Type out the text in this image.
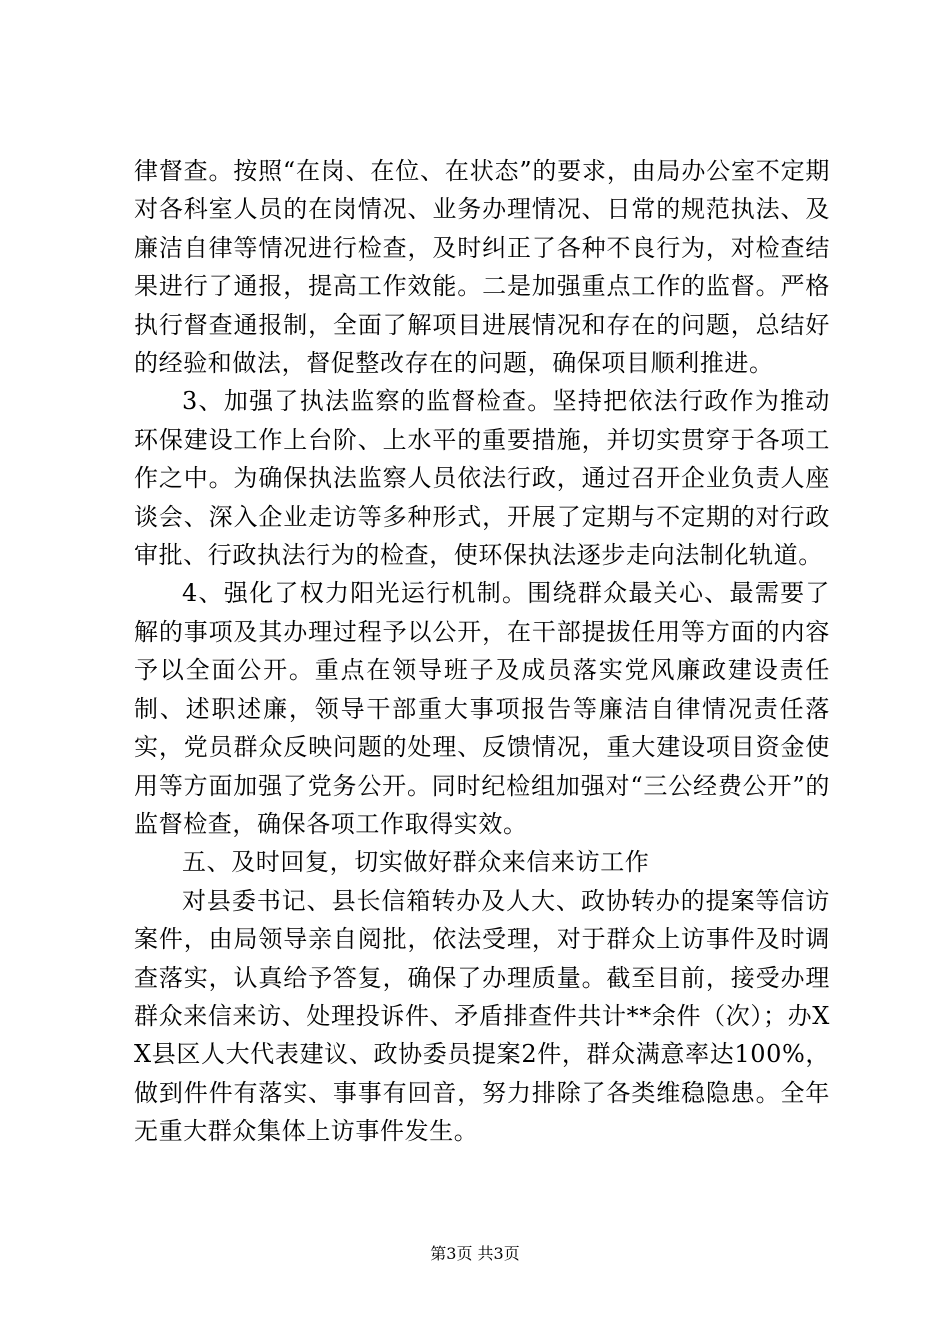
律督查。按照“在岗、在位、在状态”的要求，由局办公室不定期对各科室人员的在岗情况、业务办理情况、日常的规范执法、及廉洁自律等情况进行检查，及时纠正了各种不良行为，对检查结果进行了通报，提高工作效能。二是加强重点工作的监督。严格执行督查通报制，全面了解项目进展情况和存在的问题，总结好的经验和做法，督促整改存在的问题，确保项目顺利推进。

3、加强了执法监察的监督检查。坚持把依法行政作为推动环保建设工作上台阶、上水平的重要措施，并切实贯穿于各项工作之中。为确保执法监察人员依法行政，通过召开企业负责人座谈会、深入企业走访等多种形式，开展了定期与不定期的对行政审批、行政执法行为的检查，使环保执法逐步走向法制化轨道。

4、强化了权力阳光运行机制。围绕群众最关心、最需要了解的事项及其办理过程予以公开，在干部提拔任用等方面的内容予以全面公开。重点在领导班子及成员落实党风廉政建设责任制、述职述廉，领导干部重大事项报告等廉洁自律情况责任落实，党员群众反映问题的处理、反馈情况，重大建设项目资金使用等方面加强了党务公开。同时纪检组加强对“三公经费公开”的监督检查，确保各项工作取得实效。

五、及时回复，切实做好群众来信来访工作

对县委书记、县长信箱转办及人大、政协转办的提案等信访案件，由局领导亲自阅批，依法受理，对于群众上访事件及时调查落实，认真给予答复，确保了办理质量。截至目前，接受办理群众来信来访、处理投诉件、矛盾排查件共计**余件（次）；办XX县区人大代表建议、政协委员提案2件，群众满意率达100%，做到件件有落实、事事有回音，努力排除了各类维稳隐患。全年无重大群众集体上访事件发生。

第3页 共3页
